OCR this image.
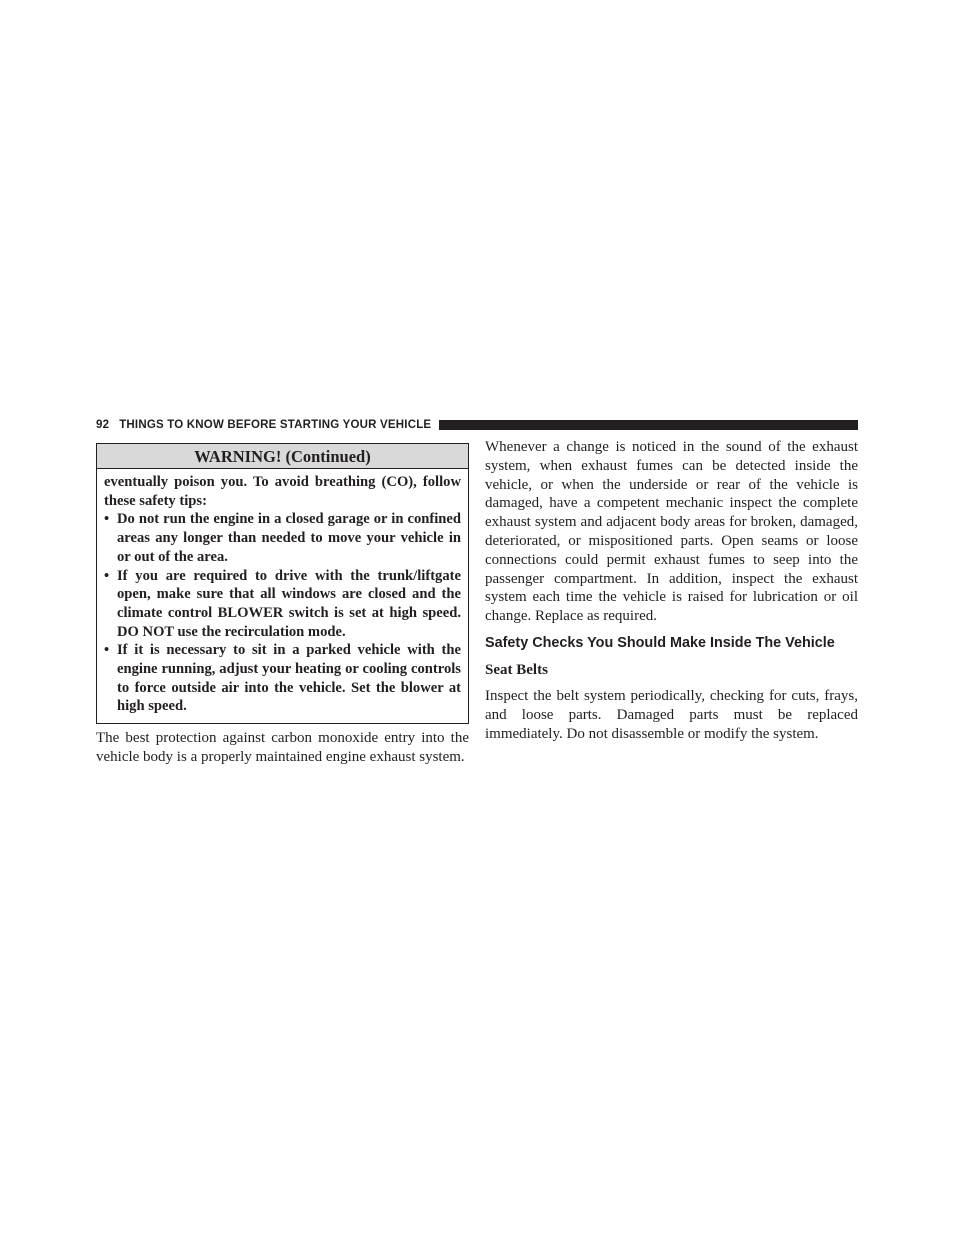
92 THINGS TO KNOW BEFORE STARTING YOUR VEHICLE
WARNING! (Continued)

eventually poison you. To avoid breathing (CO), follow these safety tips:

• Do not run the engine in a closed garage or in confined areas any longer than needed to move your vehicle in or out of the area.
• If you are required to drive with the trunk/liftgate open, make sure that all windows are closed and the climate control BLOWER switch is set at high speed. DO NOT use the recirculation mode.
• If it is necessary to sit in a parked vehicle with the engine running, adjust your heating or cooling controls to force outside air into the vehicle. Set the blower at high speed.

The best protection against carbon monoxide entry into the vehicle body is a properly maintained engine exhaust system.

Whenever a change is noticed in the sound of the exhaust system, when exhaust fumes can be detected inside the vehicle, or when the underside or rear of the vehicle is damaged, have a competent mechanic inspect the complete exhaust system and adjacent body areas for broken, damaged, deteriorated, or mispositioned parts. Open seams or loose connections could permit exhaust fumes to seep into the passenger compartment. In addition, inspect the exhaust system each time the vehicle is raised for lubrication or oil change. Replace as required.

Safety Checks You Should Make Inside The Vehicle
Seat Belts

Inspect the belt system periodically, checking for cuts, frays, and loose parts. Damaged parts must be replaced immediately. Do not disassemble or modify the system.
